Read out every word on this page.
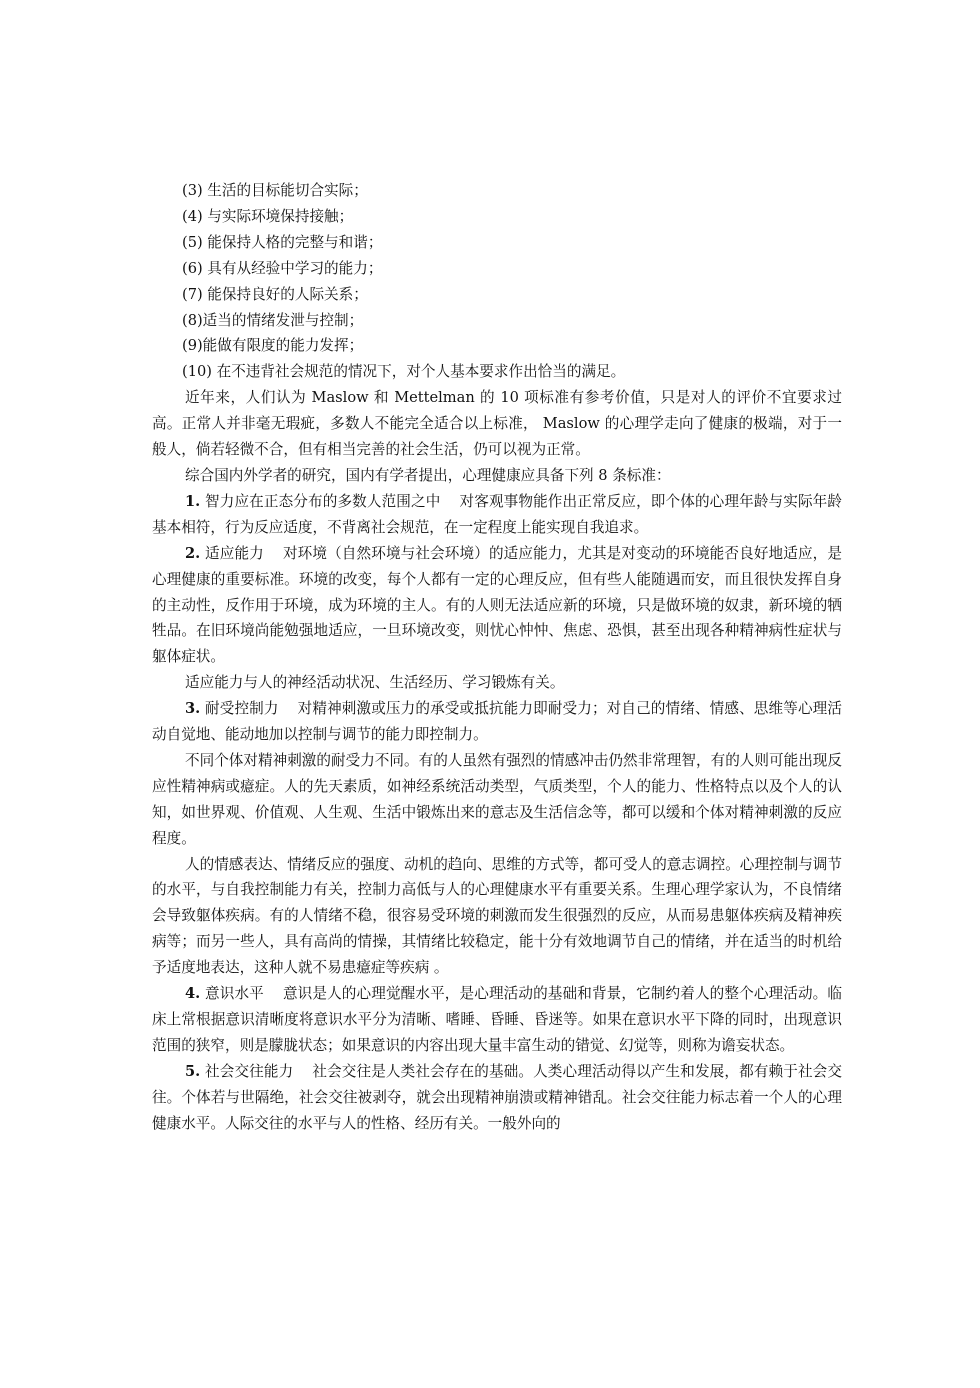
(3) 生活的目标能切合实际；

(4) 与实际环境保持接触；

(5) 能保持人格的完整与和谐；

(6) 具有从经验中学习的能力；

(7) 能保持良好的人际关系；

(8)适当的情绪发泄与控制；

(9)能做有限度的能力发挥；

(10) 在不违背社会规范的情况下，对个人基本要求作出恰当的满足。

近年来，人们认为 Maslow 和 Mettelman 的 10 项标准有参考价值，只是对人的评价不宜要求过高。正常人并非毫无瑕疵，多数人不能完全适合以上标准， Maslow 的心理学走向了健康的极端，对于一般人，倘若轻微不合，但有相当完善的社会生活，仍可以视为正常。

综合国内外学者的研究，国内有学者提出，心理健康应具备下列 8 条标准：

1. 智力应在正态分布的多数人范围之中 对客观事物能作出正常反应，即个体的心理年龄与实际年龄基本相符，行为反应适度，不背离社会规范，在一定程度上能实现自我追求。

2. 适应能力 对环境（自然环境与社会环境）的适应能力，尤其是对变动的环境能否良好地适应，是心理健康的重要标准。环境的改变，每个人都有一定的心理反应，但有些人能随遇而安，而且很快发挥自身的主动性，反作用于环境，成为环境的主人。有的人则无法适应新的环境，只是做环境的奴隶，新环境的牺牲品。在旧环境尚能勉强地适应，一旦环境改变，则忧心忡忡、焦虑、恐惧，甚至出现各种精神病性症状与躯体症状。

适应能力与人的神经活动状况、生活经历、学习锻炼有关。

3. 耐受控制力 对精神刺激或压力的承受或抵抗能力即耐受力；对自己的情绪、情感、思维等心理活动自觉地、能动地加以控制与调节的能力即控制力。

不同个体对精神刺激的耐受力不同。有的人虽然有强烈的情感冲击仍然非常理智，有的人则可能出现反应性精神病或癔症。人的先天素质，如神经系统活动类型，气质类型，个人的能力、性格特点以及个人的认知，如世界观、价值观、人生观、生活中锻炼出来的意志及生活信念等，都可以缓和个体对精神刺激的反应程度。

人的情感表达、情绪反应的强度、动机的趋向、思维的方式等，都可受人的意志调控。心理控制与调节的水平，与自我控制能力有关，控制力高低与人的心理健康水平有重要关系。生理心理学家认为，不良情绪会导致躯体疾病。有的人情绪不稳，很容易受环境的刺激而发生很强烈的反应，从而易患躯体疾病及精神疾病等；而另一些人，具有高尚的情操，其情绪比较稳定，能十分有效地调节自己的情绪，并在适当的时机给予适度地表达，这种人就不易患癔症等疾病 。

4. 意识水平 意识是人的心理觉醒水平，是心理活动的基础和背景，它制约着人的整个心理活动。临床上常根据意识清晰度将意识水平分为清晰、嗜睡、昏睡、昏迷等。如果在意识水平下降的同时，出现意识范围的狭窄，则是朦胧状态；如果意识的内容出现大量丰富生动的错觉、幻觉等，则称为谵妄状态。

5. 社会交往能力 社会交往是人类社会存在的基础。人类心理活动得以产生和发展，都有赖于社会交往。个体若与世隔绝，社会交往被剥夺，就会出现精神崩溃或精神错乱。社会交往能力标志着一个人的心理健康水平。人际交往的水平与人的性格、经历有关。一般外向的
